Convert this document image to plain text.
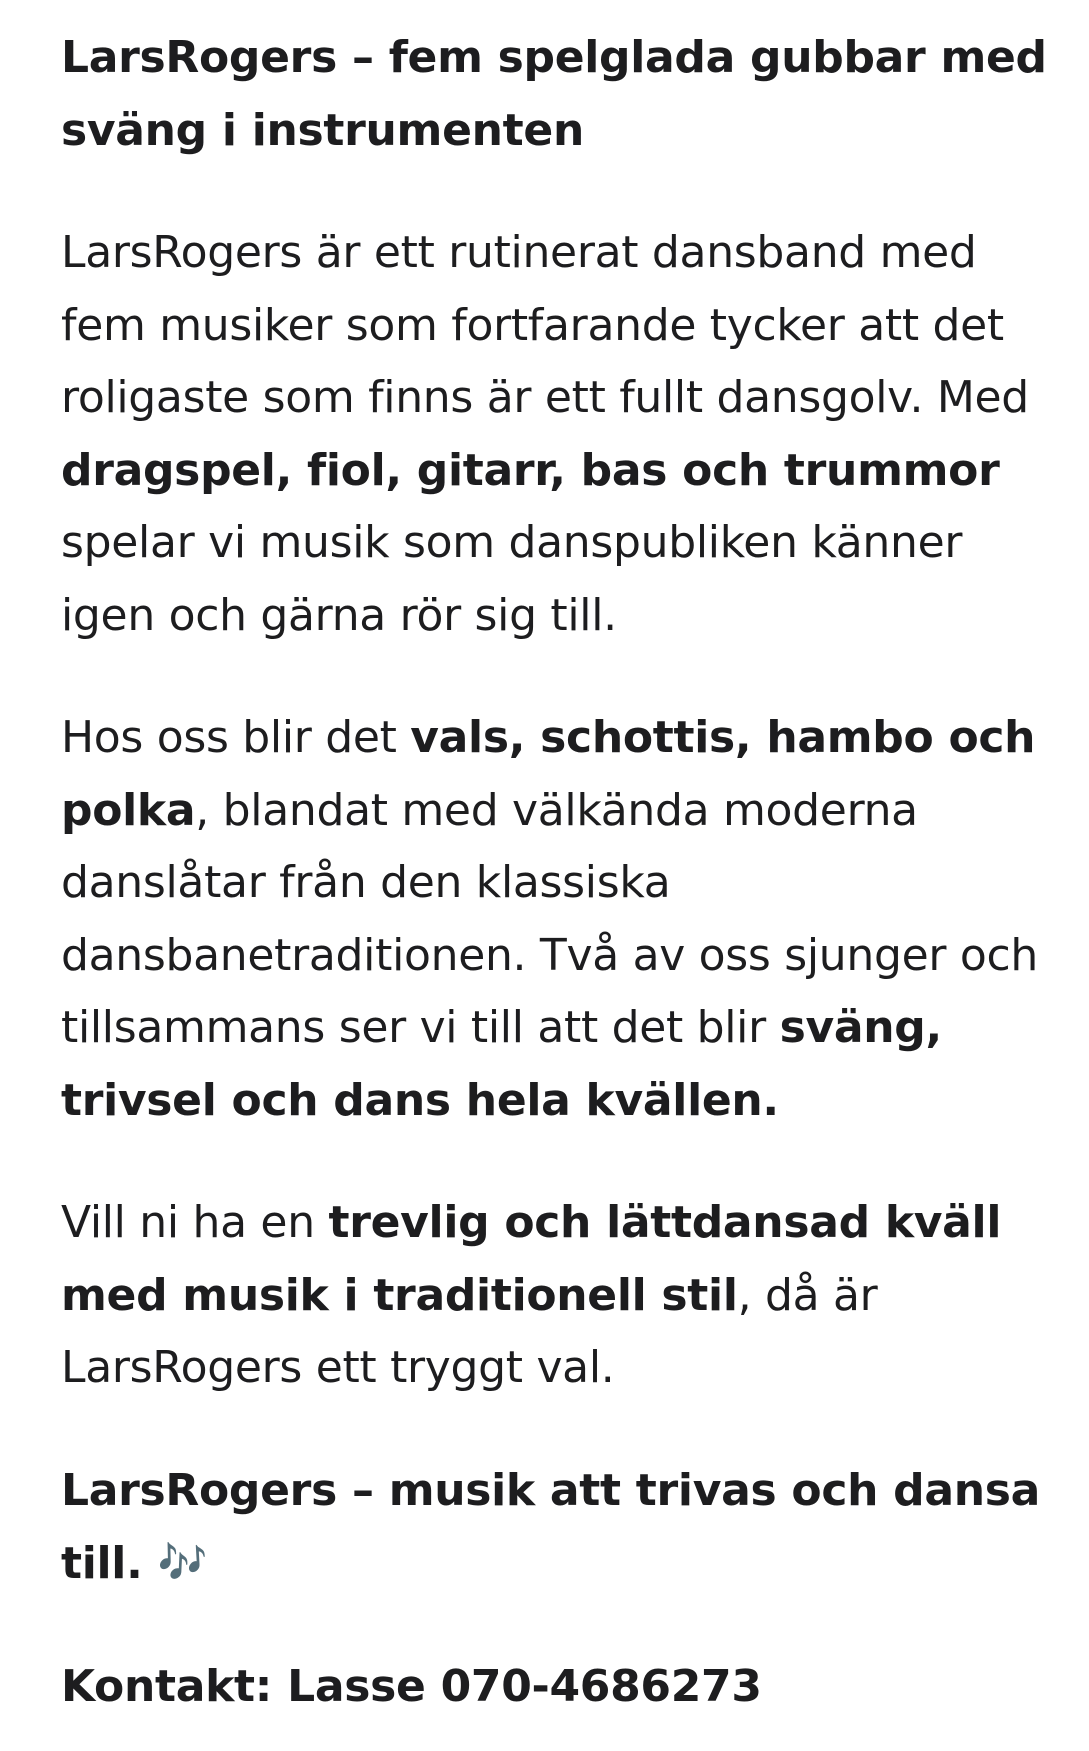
LarsRogers – fem spelglada gubbar med sväng i instrumenten

LarsRogers är ett rutinerat dansband med fem musiker som fortfarande tycker att det roligaste som finns är ett fullt dansgolv. Med dragspel, fiol, gitarr, bas och trummor spelar vi musik som danspubliken känner igen och gärna rör sig till.

Hos oss blir det vals, schottis, hambo och polka, blandat med välkända moderna danslåtar från den klassiska dansbanetraditionen. Två av oss sjunger och tillsammans ser vi till att det blir sväng, trivsel och dans hela kvällen.

Vill ni ha en trevlig och lättdansad kväll med musik i traditionell stil, då är LarsRogers ett tryggt val.

LarsRogers – musik att trivas och dansa till. 🎶

Kontakt: Lasse 070-4686273
